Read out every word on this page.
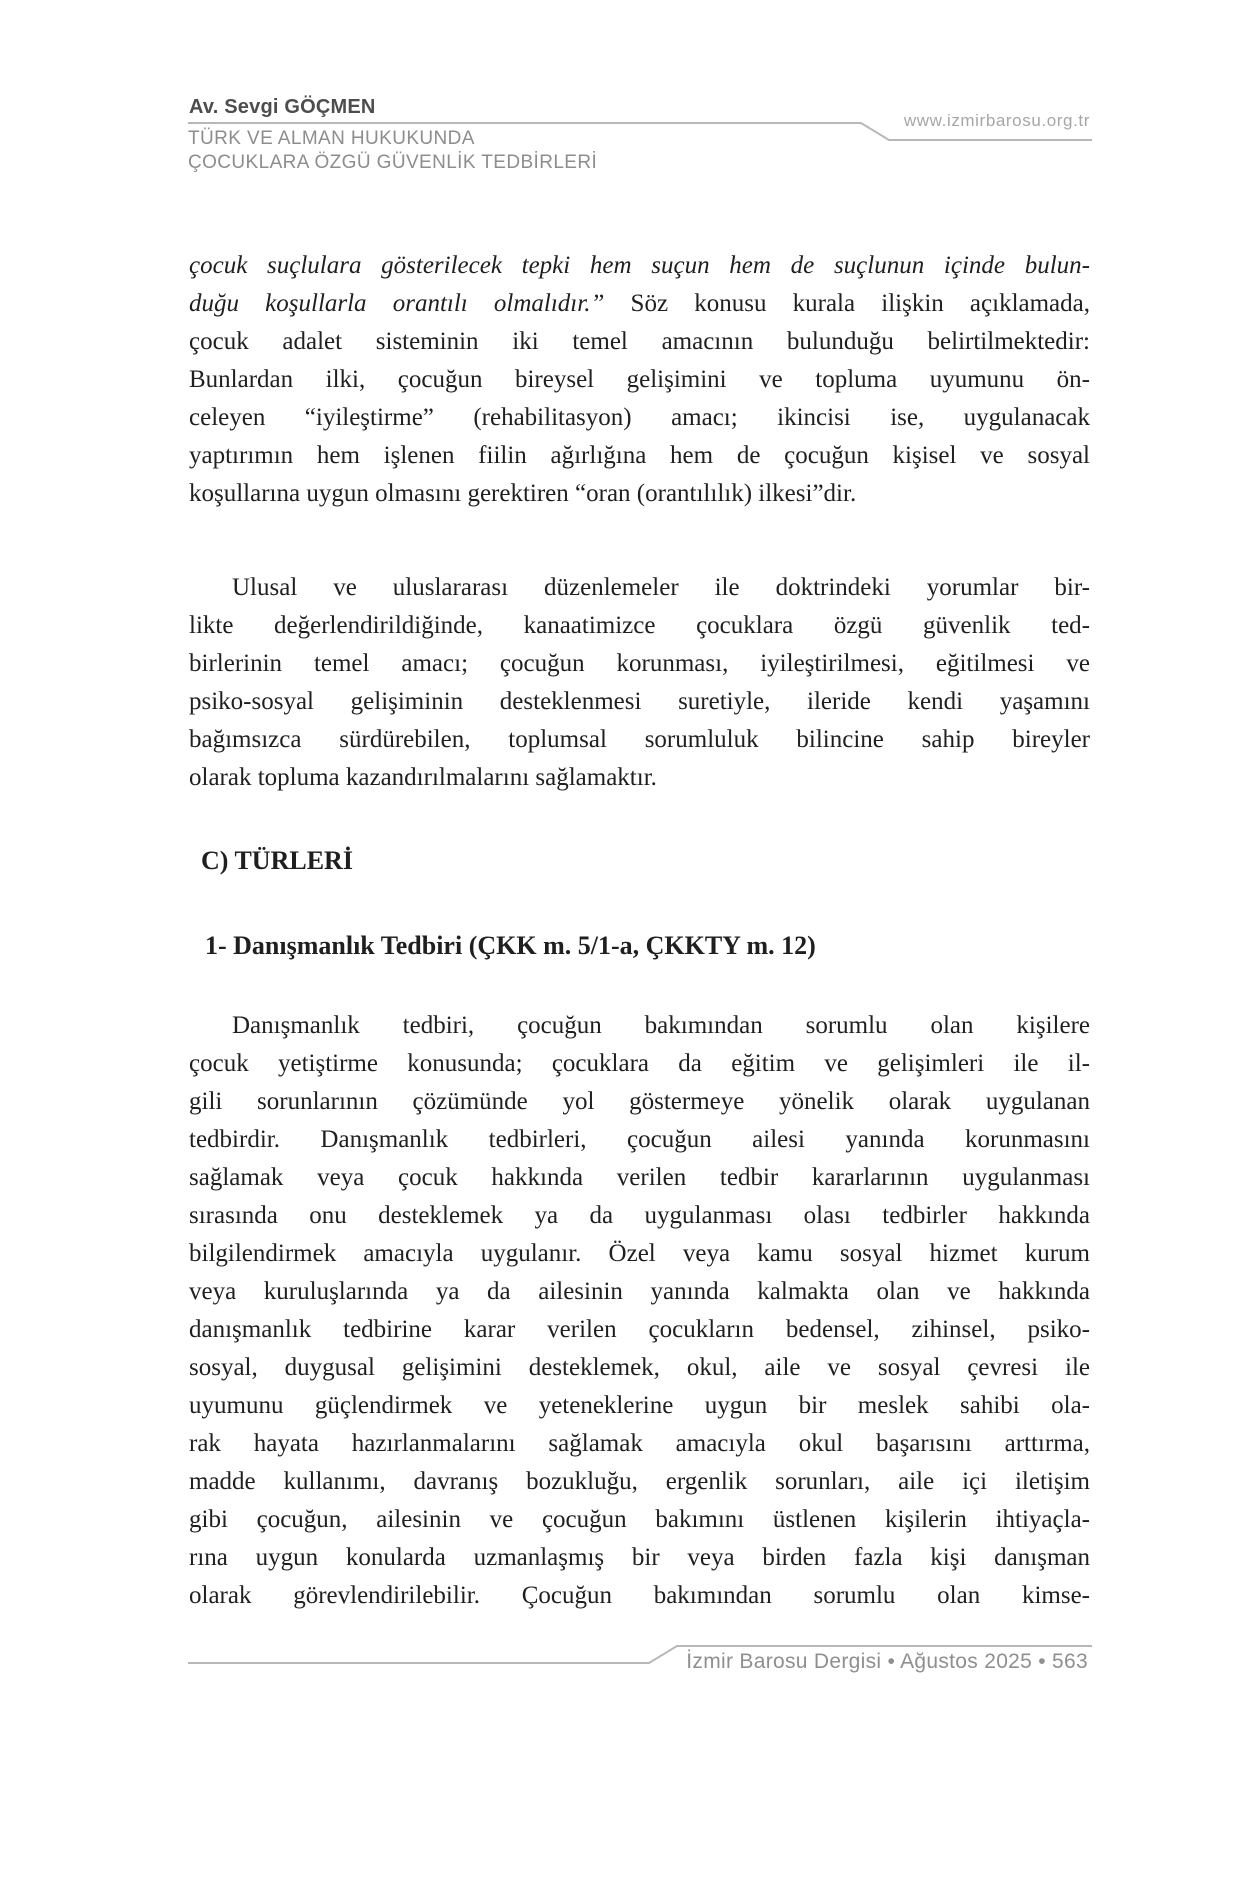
Av. Sevgi GÖÇMEN
www.izmirbarosu.org.tr
TÜRK VE ALMAN HUKUKUNDA
ÇOCUKLARA ÖZGÜ GÜVENLİK TEDBİRLERİ
çocuk suçlulara gösterilecek tepki hem suçun hem de suçlunun içinde bulun-
duğu koşullarla orantılı olmalıdır.” Söz konusu kurala ilişkin açıklamada,
çocuk adalet sisteminin iki temel amacının bulunduğu belirtilmektedir:
Bunlardan ilki, çocuğun bireysel gelişimini ve topluma uyumunu ön-
celeyen “iyileştirme” (rehabilitasyon) amacı; ikincisi ise, uygulanacak
yaptırımın hem işlenen fiilin ağırlığına hem de çocuğun kişisel ve sosyal
koşullarına uygun olmasını gerektiren “oran (orantılılık) ilkesi”dir.
Ulusal ve uluslararası düzenlemeler ile doktrindeki yorumlar bir-
likte değerlendirildiğinde, kanaatimizce çocuklara özgü güvenlik ted-
birlerinin temel amacı; çocuğun korunması, iyileştirilmesi, eğitilmesi ve
psiko-sosyal gelişiminin desteklenmesi suretiyle, ileride kendi yaşamını
bağımsızca sürdürebilen, toplumsal sorumluluk bilincine sahip bireyler
olarak topluma kazandırılmalarını sağlamaktır.
C) TÜRLERİ
1- Danışmanlık Tedbiri (ÇKK m. 5/1-a, ÇKKTY m. 12)
Danışmanlık tedbiri, çocuğun bakımından sorumlu olan kişilere
çocuk yetiştirme konusunda; çocuklara da eğitim ve gelişimleri ile il-
gili sorunlarının çözümünde yol göstermeye yönelik olarak uygulanan
tedbirdir. Danışmanlık tedbirleri, çocuğun ailesi yanında korunmasını
sağlamak veya çocuk hakkında verilen tedbir kararlarının uygulanması
sırasında onu desteklemek ya da uygulanması olası tedbirler hakkında
bilgilendirmek amacıyla uygulanır. Özel veya kamu sosyal hizmet kurum
veya kuruluşlarında ya da ailesinin yanında kalmakta olan ve hakkında
danışmanlık tedbirine karar verilen çocukların bedensel, zihinsel, psiko-
sosyal, duygusal gelişimini desteklemek, okul, aile ve sosyal çevresi ile
uyumunu güçlendirmek ve yeteneklerine uygun bir meslek sahibi ola-
rak hayata hazırlanmalarını sağlamak amacıyla okul başarısını arttırma,
madde kullanımı, davranış bozukluğu, ergenlik sorunları, aile içi iletişim
gibi çocuğun, ailesinin ve çocuğun bakımını üstlenen kişilerin ihtiyaçla-
rına uygun konularda uzmanlaşmış bir veya birden fazla kişi danışman
olarak görevlendirilebilir. Çocuğun bakımından sorumlu olan kimse-
İzmir Barosu Dergisi • Ağustos 2025 • 563
